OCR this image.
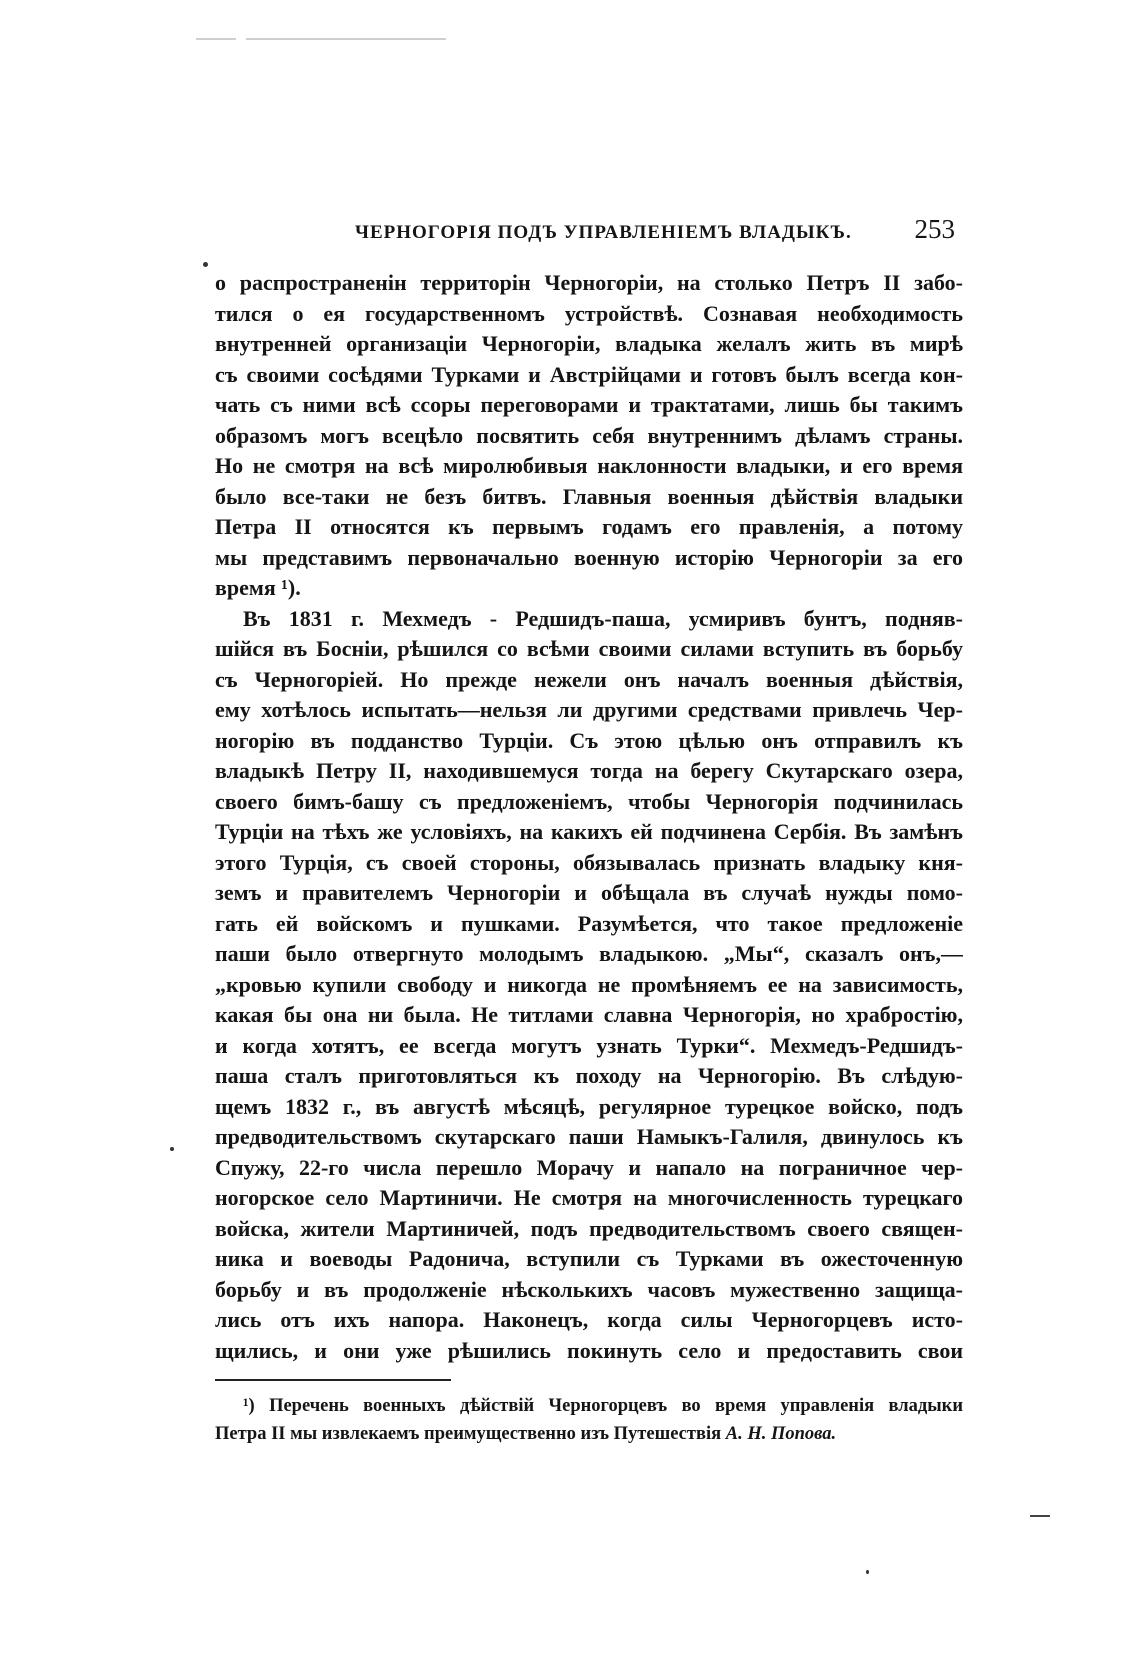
ЧЕРНОГОРІЯ ПОДЪ УПРАВЛЕНІЕМЪ ВЛАДЫКЪ. 253
о распространенін территорін Черногоріи, на столько Петръ II забо-
тился о ея государственномъ устройствѣ. Сознавая необходимость
внутренней организаціи Черногоріи, владыка желалъ жить въ мирѣ
съ своими сосѣдями Турками и Австрійцами и готовъ былъ всегда кон-
чать съ ними всѣ ссоры переговорами и трактатами, лишь бы такимъ
образомъ могъ всецѣло посвятить себя внутреннимъ дѣламъ страны.
Но не смотря на всѣ миролюбивыя наклонности владыки, и его время
было все-таки не безъ битвъ. Главныя военныя дѣйствія владыки
Петра II относятся къ первымъ годамъ его правленія, а потому
мы представимъ первоначально военную исторію Черногоріи за его
время ¹).
Въ 1831 г. Мехмедъ - Редшидъ-паша, усмиривъ бунтъ, подняв-
шійся въ Босніи, рѣшился со всѣми своими силами вступить въ борьбу
съ Черногоріей. Но прежде нежели онъ началъ военныя дѣйствія,
ему хотѣлось испытать—нельзя ли другими средствами привлечь Чер-
ногорію въ подданство Турціи. Съ этою цѣлью онъ отправилъ къ
владыкѣ Петру II, находившемуся тогда на берегу Скутарскаго озера,
своего бимъ-башу съ предложеніемъ, чтобы Черногорія подчинилась
Турціи на тѣхъ же условіяхъ, на какихъ ей подчинена Сербія. Въ замѣнъ
этого Турція, съ своей стороны, обязывалась признать владыку кня-
земъ и правителемъ Черногоріи и обѣщала въ случаѣ нужды помо-
гать ей войскомъ и пушками. Разумѣется, что такое предложеніе
паши было отвергнуто молодымъ владыкою. „Мы“, сказалъ онъ,—
„кровью купили свободу и никогда не промѣняемъ ее на зависимость,
какая бы она ни была. Не титлами славна Черногорія, но храбростію,
и когда хотятъ, ее всегда могутъ узнать Турки“. Мехмедъ-Редшидъ-
паша сталъ приготовляться къ походу на Черногорію. Въ слѣдую-
щемъ 1832 г., въ августѣ мѣсяцѣ, регулярное турецкое войско, подъ
предводительствомъ скутарскаго паши Намыкъ-Галиля, двинулось къ
Спужу, 22-го числа перешло Морачу и напало на пограничное чер-
ногорское село Мартиничи. Не смотря на многочисленность турецкаго
войска, жители Мартиничей, подъ предводительствомъ своего священ-
ника и воеводы Радонича, вступили съ Турками въ ожесточенную
борьбу и въ продолженіе нѣсколькихъ часовъ мужественно защища-
лись отъ ихъ напора. Наконецъ, когда силы Черногорцевъ исто-
щились, и они уже рѣшились покинуть село и предоставить свои
¹) Перечень военныхъ дѣйствій Черногорцевъ во время управленія владыки
Петра II мы извлекаемъ преимущественно изъ Путешествія А. Н. Попова.
